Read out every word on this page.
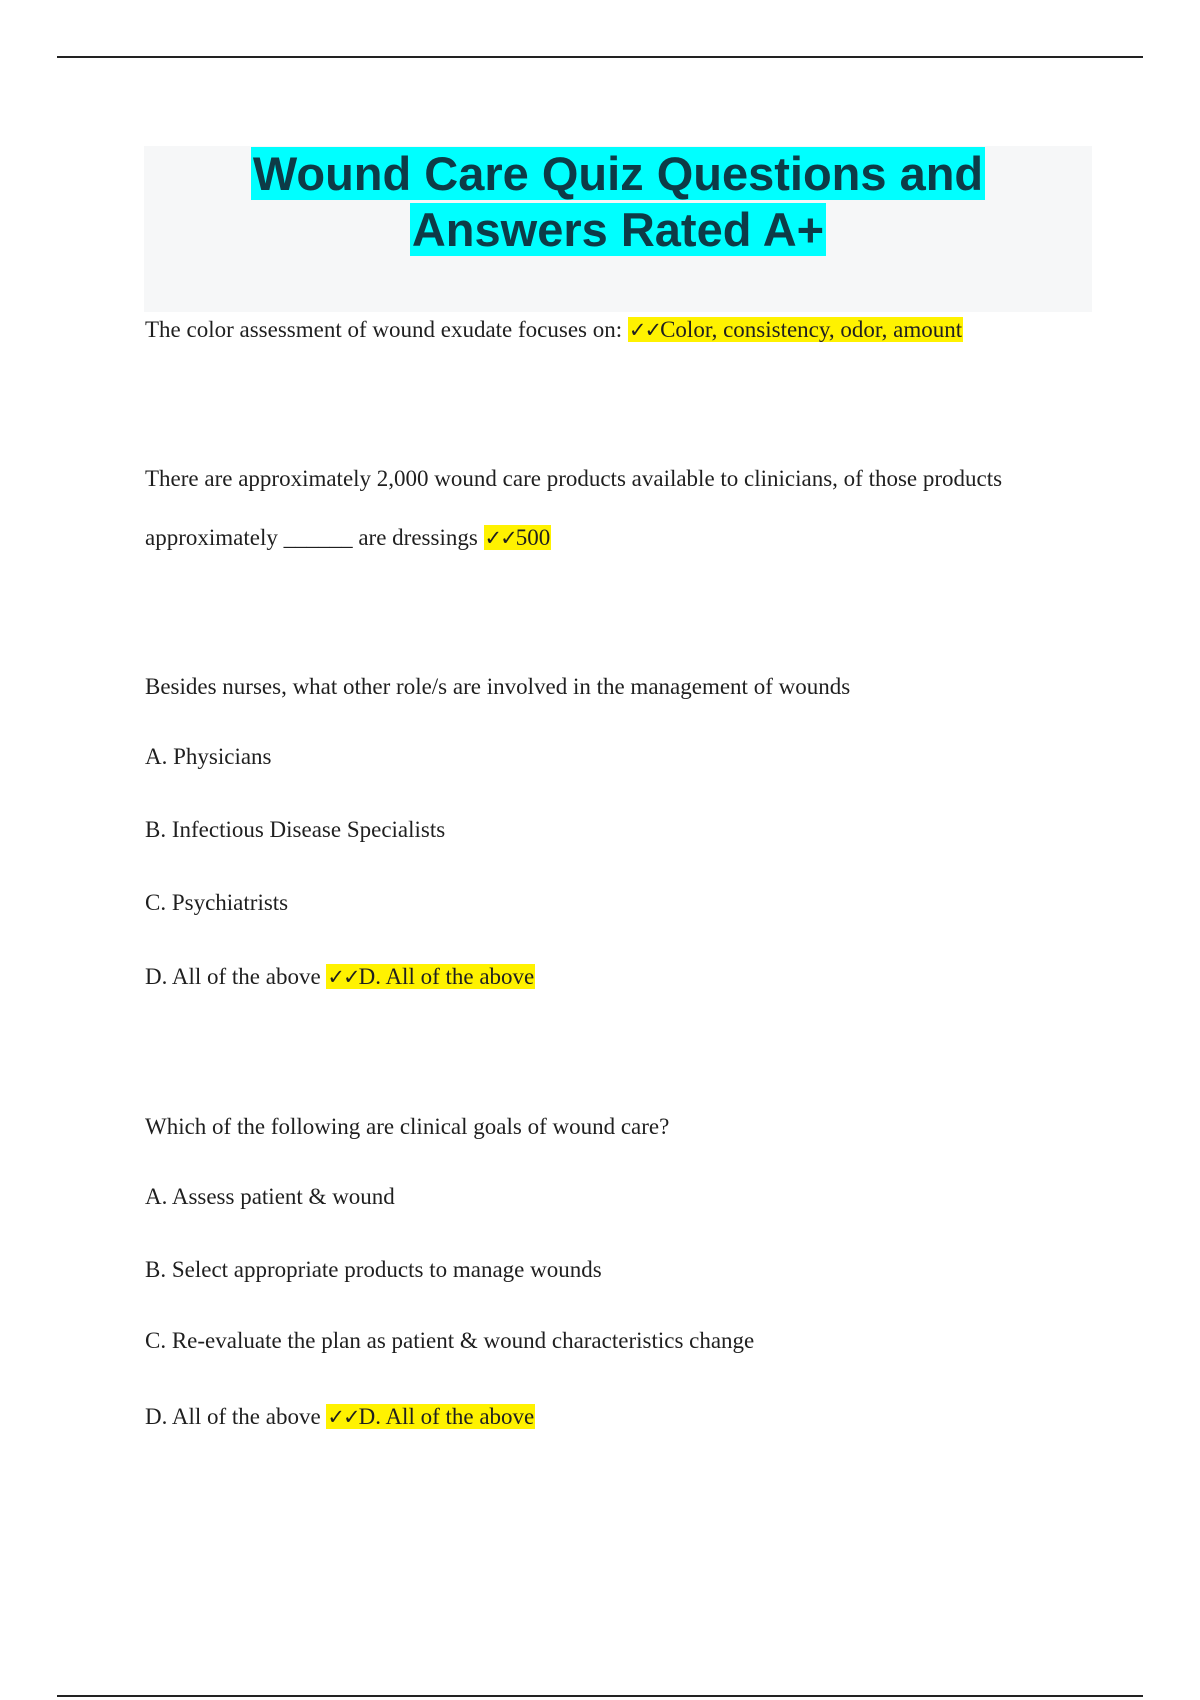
Wound Care Quiz Questions and
Answers Rated A+
The color assessment of wound exudate focuses on: ✓✓Color, consistency, odor, amount
There are approximately 2,000 wound care products available to clinicians, of those products
approximately ______ are dressings ✓✓500
Besides nurses, what other role/s are involved in the management of wounds
A. Physicians
B. Infectious Disease Specialists
C. Psychiatrists
D. All of the above ✓✓D. All of the above
Which of the following are clinical goals of wound care?
A. Assess patient & wound
B. Select appropriate products to manage wounds
C. Re-evaluate the plan as patient & wound characteristics change
D. All of the above ✓✓D. All of the above
